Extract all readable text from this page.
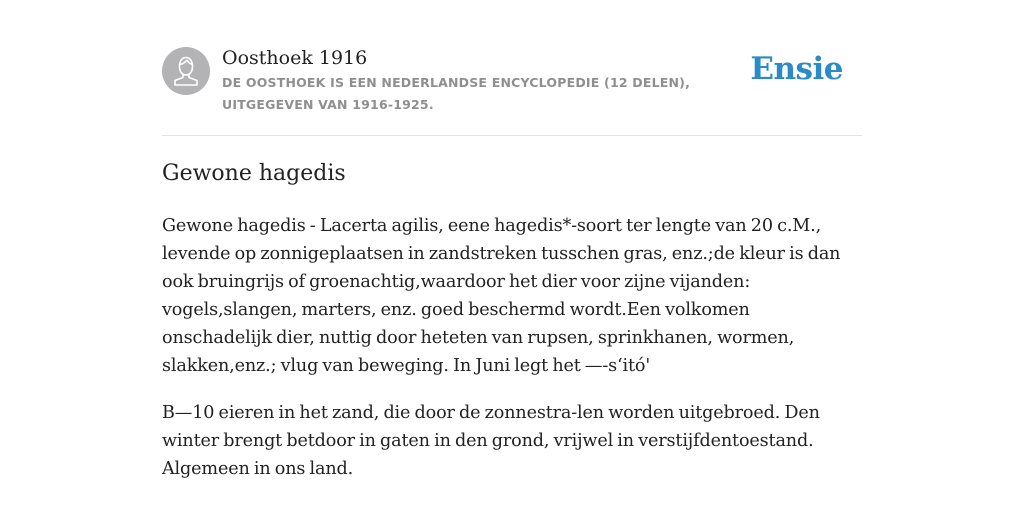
Oosthoek 1916
DE OOSTHOEK IS EEN NEDERLANDSE ENCYCLOPEDIE (12 DELEN), UITGEGEVEN VAN 1916-1925.
Ensie
Gewone hagedis

Gewone hagedis - Lacerta agilis, eene hagedis*-soort ter lengte van 20 c.M., levende op zonnigeplaatsen in zandstreken tusschen gras, enz.;de kleur is dan ook bruingrijs of groenachtig,waardoor het dier voor zijne vijanden: vogels,slangen, marters, enz. goed beschermd wordt.Een volkomen onschadelijk dier, nuttig door heteten van rupsen, sprinkhanen, wormen, slakken,enz.; vlug van beweging. In Juni legt het —-s‘itó'

B—10 eieren in het zand, die door de zonnestra-len worden uitgebroed. Den winter brengt betdoor in gaten in den grond, vrijwel in verstijfdentoestand. Algemeen in ons land.
